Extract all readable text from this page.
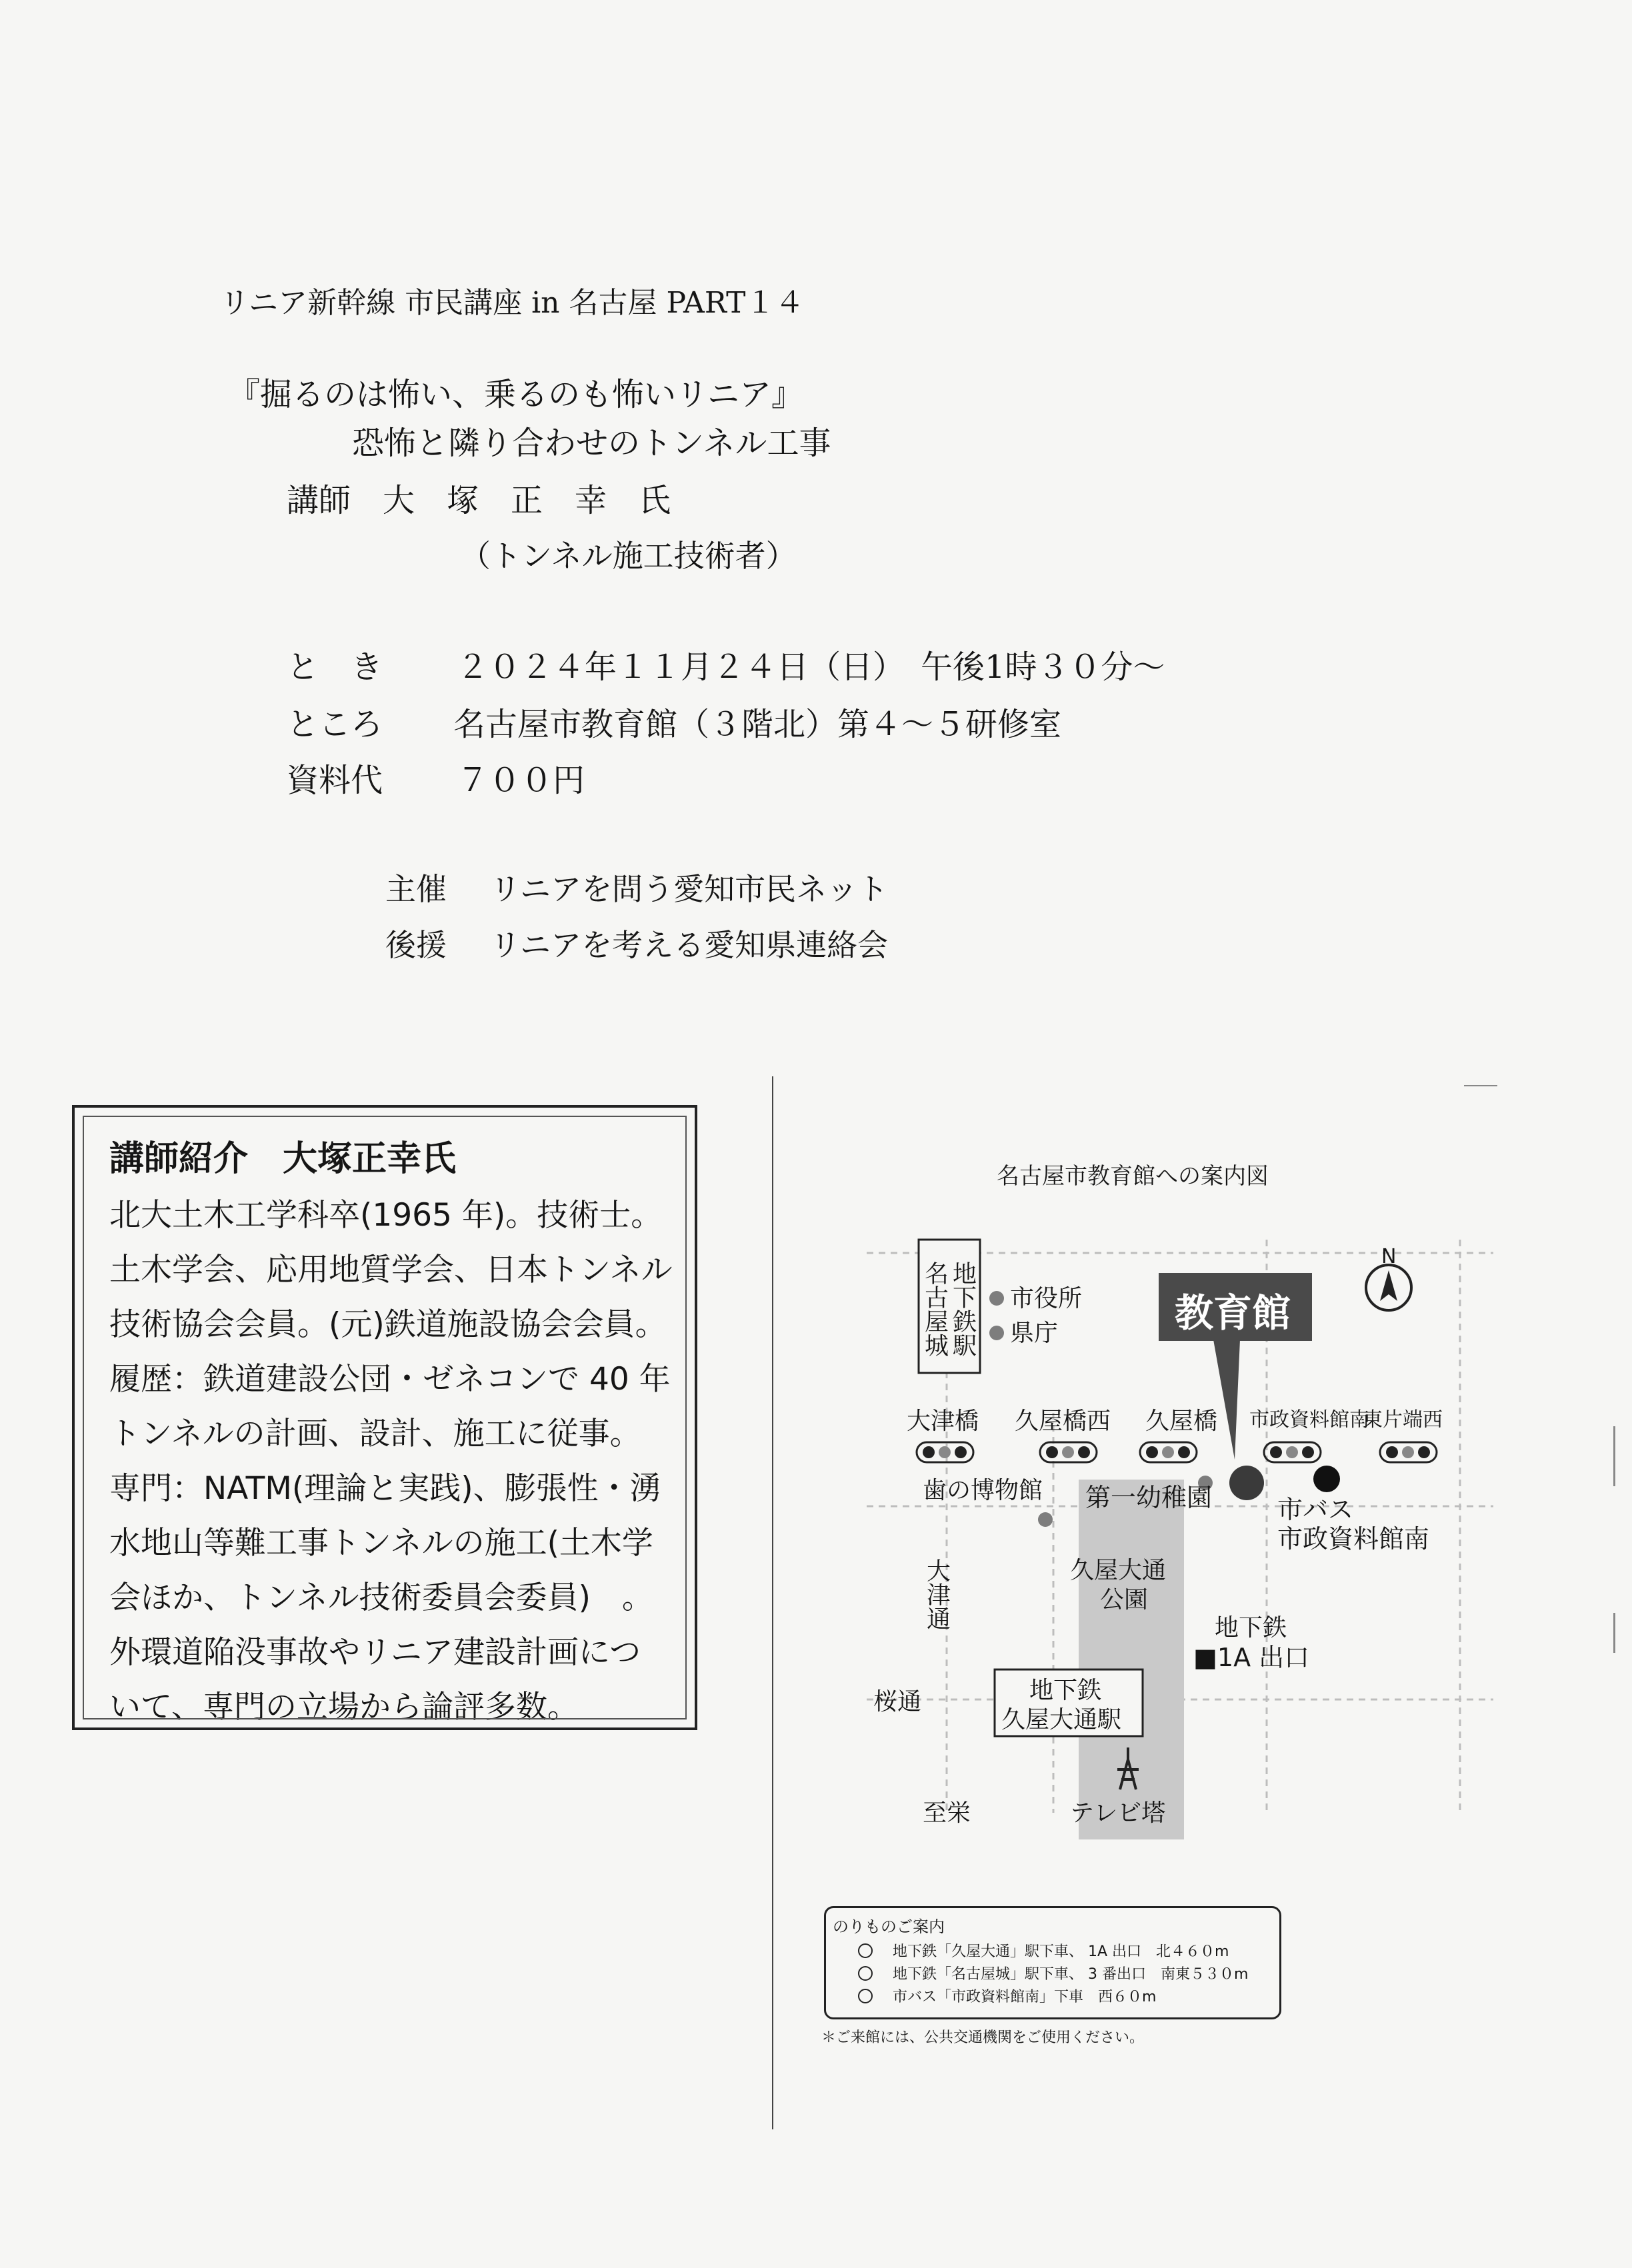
リニア新幹線 市民講座 in 名古屋 PART１４
『掘るのは怖い、乗るのも怖いリニア』
恐怖と隣り合わせのトンネル工事
講師　大　塚　正　幸　氏
（トンネル施工技術者）
と　き ２０２４年１１月２４日（日）　午後1時３０分～
ところ 名古屋市教育館（３階北）第４～５研修室
資料代 ７００円
主催 リニアを問う愛知市民ネット
後援 リニアを考える愛知県連絡会
講師紹介　大塚正幸氏
北大土木工学科卒(1965 年)。技術士。
土木学会、応用地質学会、日本トンネル
技術協会会員。(元)鉄道施設協会会員。
履歴：鉄道建設公団・ゼネコンで 40 年
トンネルの計画、設計、施工に従事。
専門：NATM(理論と実践)、膨張性・湧
水地山等難工事トンネルの施工(土木学
会ほか、トンネル技術委員会委員)　。
外環道陥没事故やリニア建設計画につ
いて、専門の立場から論評多数。
名古屋市教育館への案内図
名古屋城 地下鉄駅 市役所
県庁	教育館
N
大津橋 久屋橋西 久屋橋 市政資料館南
東片端西
歯の博物館 第一幼稚園	市バス
市政資料館南
大津通	久屋大通
公園
地下鉄
■1A 出口
桜通	地下鉄
久屋大通駅
至栄	テレビ塔
のりものご案内
地下鉄「久屋大通」駅下車、 1A 出口　北４６０m
地下鉄「名古屋城」駅下車、 3 番出口　南東５３０m
市バス「市政資料館南」下車　西６０m
＊ご来館には、公共交通機関をご使用ください。
